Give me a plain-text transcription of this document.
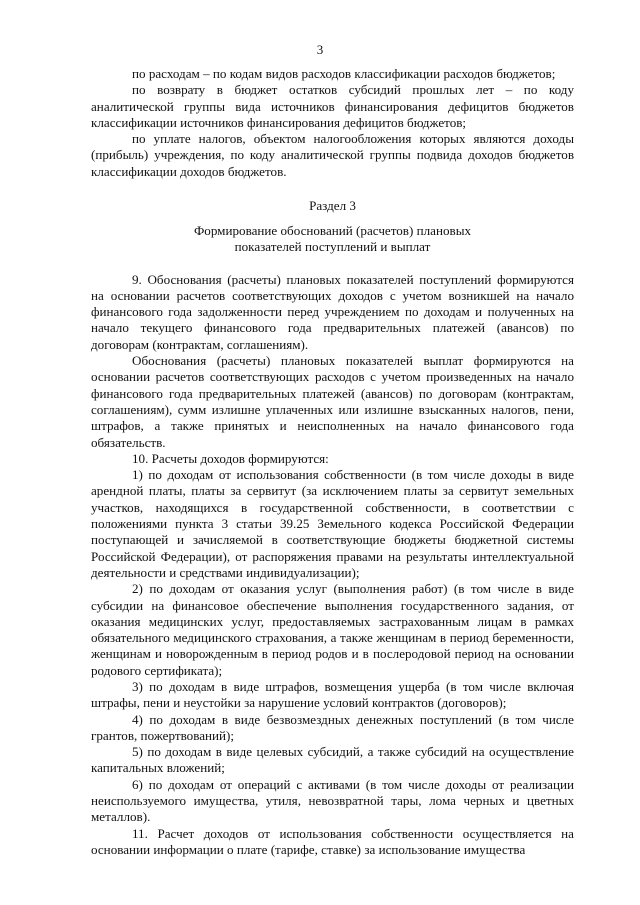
3

по расходам – по кодам видов расходов классификации расходов бюджетов;

по возврату в бюджет остатков субсидий прошлых лет – по коду аналитической группы вида источников финансирования дефицитов бюджетов классификации источников финансирования дефицитов бюджетов;

по уплате налогов, объектом налогообложения которых являются доходы (прибыль) учреждения, по коду аналитической группы подвида доходов бюджетов классификации доходов бюджетов.

Раздел 3
Формирование обоснований (расчетов) плановых
показателей поступлений и выплат

9. Обоснования (расчеты) плановых показателей поступлений формируются на основании расчетов соответствующих доходов с учетом возникшей на начало финансового года задолженности перед учреждением по доходам и полученных на начало текущего финансового года предварительных платежей (авансов) по договорам (контрактам, соглашениям).

Обоснования (расчеты) плановых показателей выплат формируются на основании расчетов соответствующих расходов с учетом произведенных на начало финансового года предварительных платежей (авансов) по договорам (контрактам, соглашениям), сумм излишне уплаченных или излишне взысканных налогов, пени, штрафов, а также принятых и неисполненных на начало финансового года обязательств.

10. Расчеты доходов формируются:

1) по доходам от использования собственности (в том числе доходы в виде арендной платы, платы за сервитут (за исключением платы за сервитут земельных участков, находящихся в государственной собственности, в соответствии с положениями пункта 3 статьи 39.25 Земельного кодекса Российской Федерации поступающей и зачисляемой в соответствующие бюджеты бюджетной системы Российской Федерации), от распоряжения правами на результаты интеллектуальной деятельности и средствами индивидуализации);

2) по доходам от оказания услуг (выполнения работ) (в том числе в виде субсидии на финансовое обеспечение выполнения государственного задания, от оказания медицинских услуг, предоставляемых застрахованным лицам в рамках обязательного медицинского страхования, а также женщинам в период беременности, женщинам и новорожденным в период родов и в послеродовой период на основании родового сертификата);

3) по доходам в виде штрафов, возмещения ущерба (в том числе включая штрафы, пени и неустойки за нарушение условий контрактов (договоров);

4) по доходам в виде безвозмездных денежных поступлений (в том числе грантов, пожертвований);

5) по доходам в виде целевых субсидий, а также субсидий на осуществление капитальных вложений;

6) по доходам от операций с активами (в том числе доходы от реализации неиспользуемого имущества, утиля, невозвратной тары, лома черных и цветных металлов).

11. Расчет доходов от использования собственности осуществляется на основании информации о плате (тарифе, ставке) за использование имущества
